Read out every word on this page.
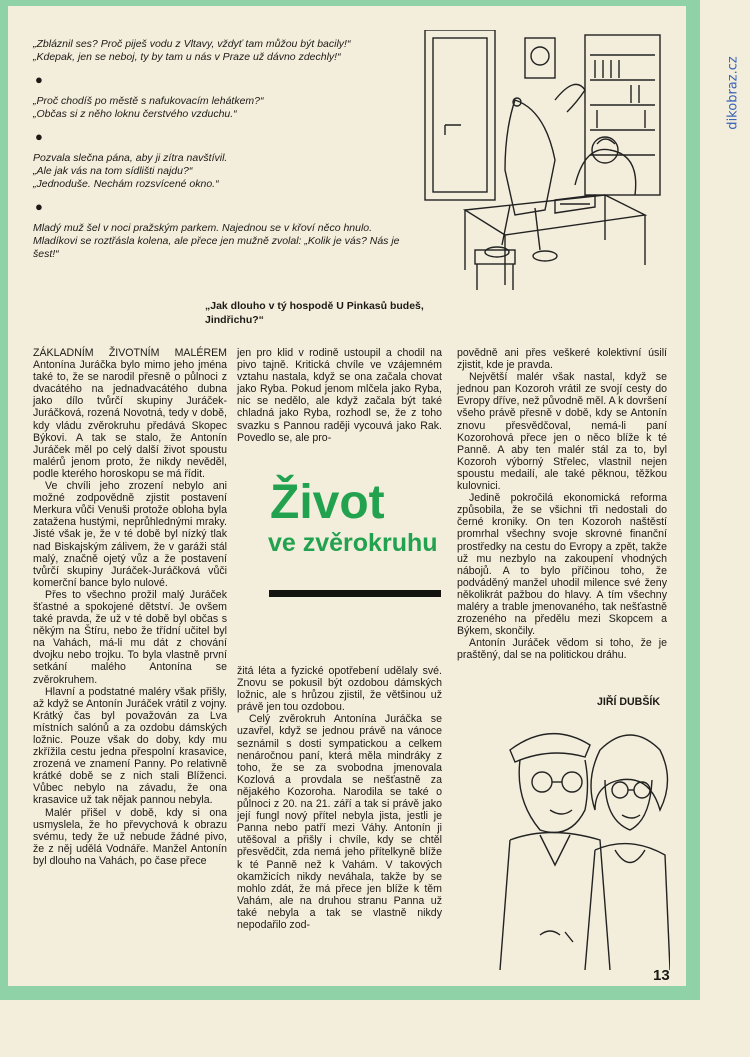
dikobraz.cz

„Zbláznil ses? Proč piješ vodu z Vltavy, vždyť tam můžou být bacily!“
„Kdepak, jen se neboj, ty by tam u nás v Praze už dávno zdechly!“

●

„Proč chodíš po městě s nafukovacím lehátkem?“
„Občas si z něho loknu čerstvého vzduchu.“

●

Pozvala slečna pána, aby ji zítra navštívil.
„Ale jak vás na tom sídlišti najdu?“
„Jednoduše. Nechám rozsvícené okno.“

●

Mladý muž šel v noci pražským parkem. Najednou se v křoví něco hnulo. Mladíkovi se roztřásla kolena, ale přece jen mužně zvolal: „Kolik je vás? Nás je šest!“

„Jak dlouho v tý hospodě U Pinkasů budeš,
Jindřichu?“

ZÁKLADNÍM ŽIVOTNÍM MALÉREM Antonína Juráčka bylo mimo jeho jména také to, že se narodil přesně o půlnoci z dvacátého na jednadvacátého dubna jako dílo tvůrčí skupiny Juráček-Juráčková, rozená Novotná, tedy v době, kdy vládu zvěrokruhu předává Skopec Býkovi. A tak se stalo, že Antonín Juráček měl po celý další život spoustu malérů jenom proto, že nikdy nevěděl, podle kterého horoskopu se má řídit.

Ve chvíli jeho zrození nebylo ani možné zodpovědně zjistit postavení Merkura vůči Venuši protože obloha byla zatažena hustými, neprůhlednými mraky. Jisté však je, že v té době byl nízký tlak nad Biskajským zálivem, že v garáži stál malý, značně ojetý vůz a že postavení tvůrčí skupiny Juráček-Juráčková vůči komerční bance bylo nulové.

Přes to všechno prožil malý Juráček šťastné a spokojené dětství. Je ovšem také pravda, že už v té době byl občas s někým na Štíru, nebo že třídní učitel byl na Vahách, má-li mu dát z chování dvojku nebo trojku. To byla vlastně první setkání malého Antonína se zvěrokruhem.

Hlavní a podstatné maléry však přišly, až když se Antonín Juráček vrátil z vojny. Krátký čas byl považován za Lva místních salónů a za ozdobu dámských ložnic. Pouze však do doby, kdy mu zkřížila cestu jedna přespolní krasavice, zrozená ve znamení Panny. Po relativně krátké době se z nich stali Blíženci. Vůbec nebylo na závadu, že ona krasavice už tak nějak pannou nebyla.

Malér přišel v době, kdy si ona usmyslela, že ho převychová k obrazu svému, tedy že už nebude žádné pivo, že z něj udělá Vodnáře. Manžel Antonín byl dlouho na Vahách, po čase přece

jen pro klid v rodině ustoupil a chodil na pivo tajně. Kritická chvíle ve vzájemném vztahu nastala, když se ona začala chovat jako Ryba. Pokud jenom mlčela jako Ryba, nic se nedělo, ale když začala být také chladná jako Ryba, rozhodl se, že z toho svazku s Pannou raději vycouvá jako Rak. Povedlo se, ale pro-

Život
ve zvěrokruhu

žitá léta a fyzické opotřebení udělaly své. Znovu se pokusil být ozdobou dámských ložnic, ale s hrůzou zjistil, že většinou už právě jen tou ozdobou.

Celý zvěrokruh Antonína Juráčka se uzavřel, když se jednou právě na vánoce seznámil s dosti sympatickou a celkem nenáročnou paní, která měla mindráky z toho, že se za svobodna jmenovala Kozlová a provdala se nešťastně za nějakého Kozoroha. Narodila se také o půlnoci z 20. na 21. září a tak si právě jako její fungl nový přítel nebyla jista, jestli je Panna nebo patří mezi Váhy. Antonín ji utěšoval a přišly i chvíle, kdy se chtěl přesvědčit, zda nemá jeho přítelkyně blíže k té Panně než k Vahám. V takových okamžicích nikdy neváhala, takže by se mohlo zdát, že má přece jen blíže k těm Vahám, ale na druhou stranu Panna už také nebyla a tak se vlastně nikdy nepodařilo zod-

povědně ani přes veškeré kolektivní úsilí zjistit, kde je pravda.

Největší malér však nastal, když se jednou pan Kozoroh vrátil ze svojí cesty do Evropy dříve, než původně měl. A k dovršení všeho právě přesně v době, kdy se Antonín znovu přesvědčoval, nemá-li paní Kozorohová přece jen o něco blíže k té Panně. A aby ten malér stál za to, byl Kozoroh výborný Střelec, vlastnil nejen spoustu medailí, ale také pěknou, těžkou kulovnici.

Jedině pokročilá ekonomická reforma způsobila, že se všichni tři nedostali do černé kroniky. On ten Kozoroh naštěstí promrhal všechny svoje skrovné finanční prostředky na cestu do Evropy a zpět, takže už mu nezbylo na zakoupení vhodných nábojů. A to bylo příčinou toho, že podváděný manžel uhodil milence své ženy několikrát pažbou do hlavy. A tím všechny maléry a trable jmenovaného, tak nešťastně zrozeného na předělu mezi Skopcem a Býkem, skončily.

Antonín Juráček vědom si toho, že je praštěný, dal se na politickou dráhu.

JIŘÍ DUBŠÍK
13
